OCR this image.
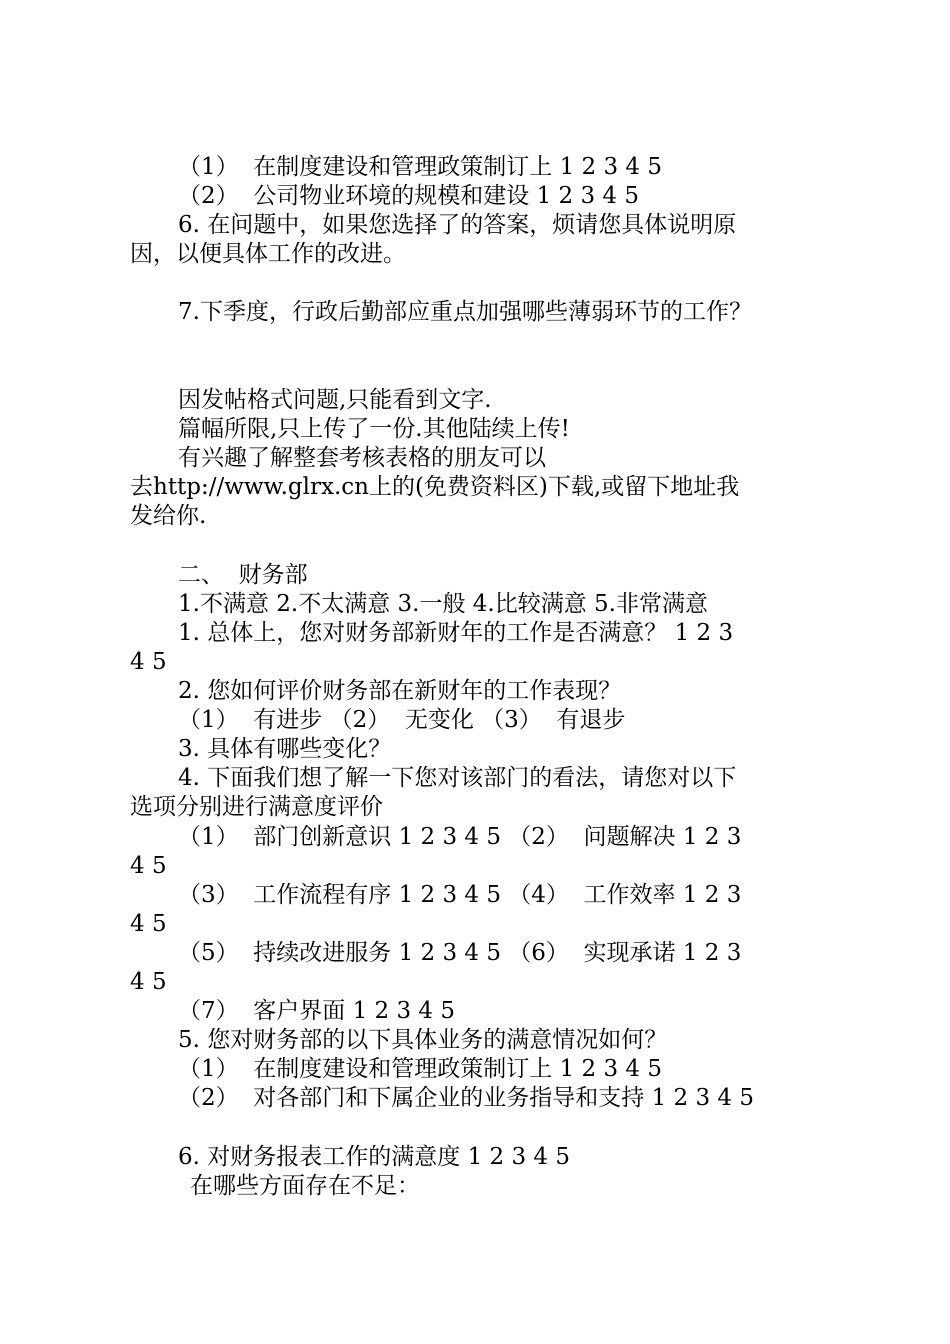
（1）  在制度建设和管理政策制订上 1 2 3 4 5

（2）  公司物业环境的规模和建设 1 2 3 4 5

6. 在问题中，如果您选择了的答案，烦请您具体说明原

因，以便具体工作的改进。

7.下季度，行政后勤部应重点加强哪些薄弱环节的工作？

因发帖格式问题,只能看到文字.

篇幅所限,只上传了一份.其他陆续上传!

有兴趣了解整套考核表格的朋友可以

去http://www.glrx.cn上的(免费资料区)下载,或留下地址我

发给你.

二、  财务部

1.不满意 2.不太满意 3.一般 4.比较满意 5.非常满意

1. 总体上，您对财务部新财年的工作是否满意？ 1 2 3

4 5

2. 您如何评价财务部在新财年的工作表现？

（1）  有进步 （2）  无变化 （3）  有退步

3. 具体有哪些变化？

4. 下面我们想了解一下您对该部门的看法，请您对以下

选项分别进行满意度评价

（1）  部门创新意识 1 2 3 4 5 （2）  问题解决 1 2 3

4 5

（3）  工作流程有序 1 2 3 4 5 （4）  工作效率 1 2 3

4 5

（5）  持续改进服务 1 2 3 4 5 （6）  实现承诺 1 2 3

4 5

（7）  客户界面 1 2 3 4 5

5. 您对财务部的以下具体业务的满意情况如何？

（1）  在制度建设和管理政策制订上 1 2 3 4 5

（2）  对各部门和下属企业的业务指导和支持 1 2 3 4 5

6. 对财务报表工作的满意度 1 2 3 4 5

在哪些方面存在不足：
